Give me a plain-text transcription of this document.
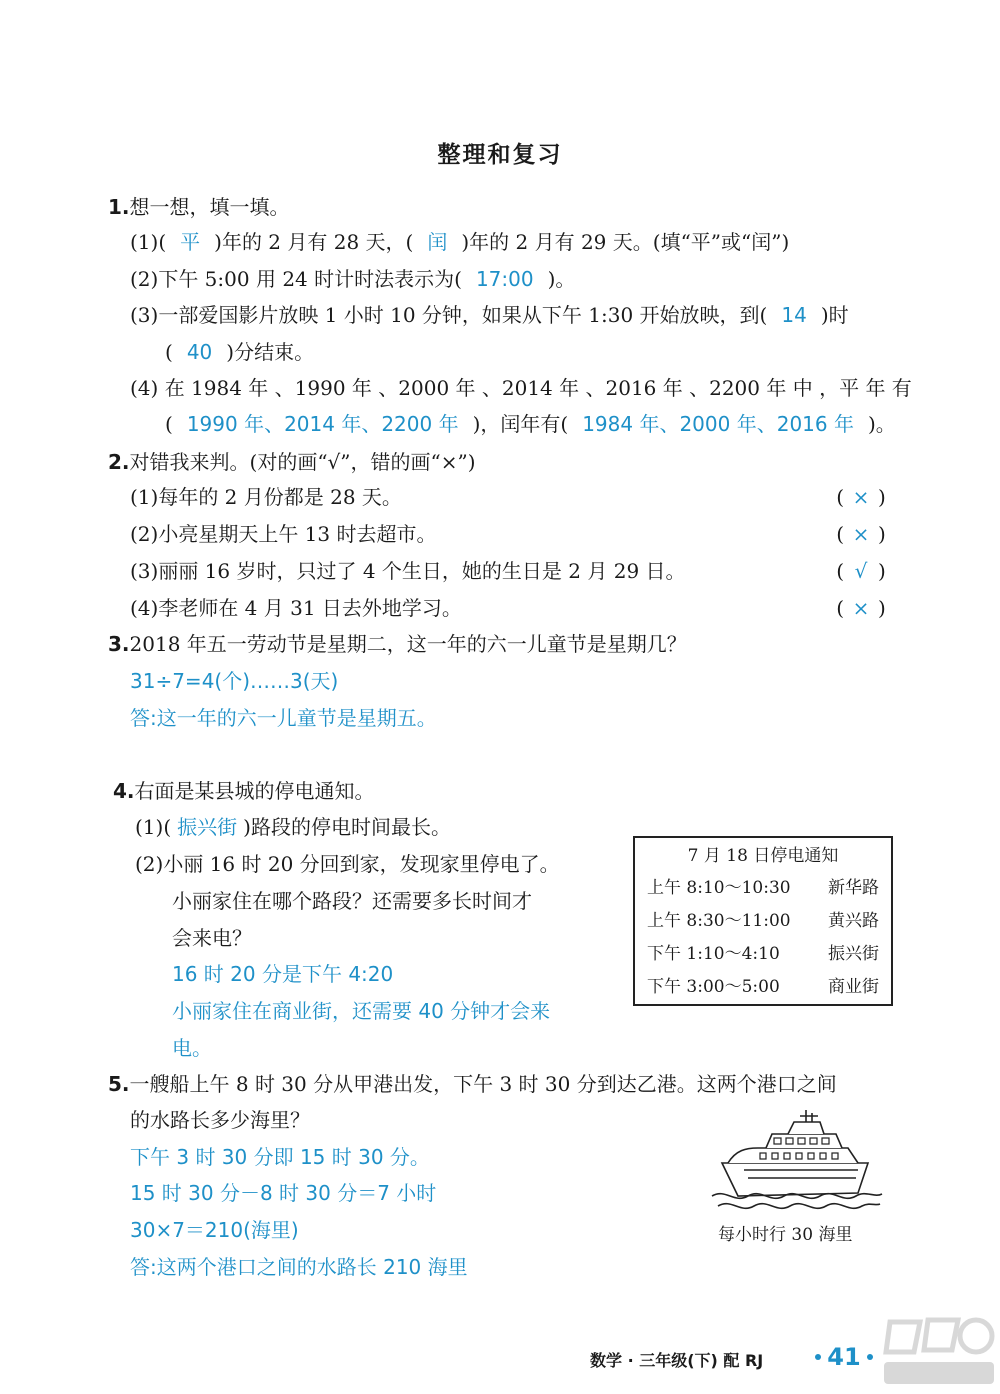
整理和复习
1.想一想，填一填。
(1)( 平 )年的 2 月有 28 天，( 闰 )年的 2 月有 29 天。(填“平”或“闰”)
(2)下午 5:00 用 24 时计时法表示为( 17:00 )。
(3)一部爱国影片放映 1 小时 10 分钟，如果从下午 1:30 开始放映，到( 14 )时
( 40 )分结束。
(4) 在 1984 年 、1990 年 、2000 年 、2014 年 、2016 年 、2200 年 中 ，平 年 有
( 1990 年、2014 年、2200 年 )，闰年有( 1984 年、2000 年、2016 年 )。
2.对错我来判。(对的画“√”，错的画“×”)
(1)每年的 2 月份都是 28 天。	( × )
(2)小亮星期天上午 13 时去超市。	( × )
(3)丽丽 16 岁时，只过了 4 个生日，她的生日是 2 月 29 日。	( √ )
(4)李老师在 4 月 31 日去外地学习。	( × )
3.2018 年五一劳动节是星期二，这一年的六一儿童节是星期几？
31÷7=4(个)……3(天)
答:这一年的六一儿童节是星期五。
4.右面是某县城的停电通知。
(1)( 振兴街 )路段的停电时间最长。
(2)小丽 16 时 20 分回到家，发现家里停电了。
小丽家住在哪个路段？还需要多长时间才
会来电？
16 时 20 分是下午 4:20
小丽家住在商业街，还需要 40 分钟才会来
电。
7 月 18 日停电通知
上午 8:10～10:30 新华路
上午 8:30～11:00 黄兴路
下午 1:10～4:10	振兴街
下午 3:00～5:00	商业街
5.一艘船上午 8 时 30 分从甲港出发，下午 3 时 30 分到达乙港。这两个港口之间
的水路长多少海里？
下午 3 时 30 分即 15 时 30 分。
15 时 30 分－8 时 30 分＝7 小时
30×7＝210(海里)
答:这两个港口之间的水路长 210 海里
每小时行 30 海里
数学 · 三年级(下) 配 RJ	41
